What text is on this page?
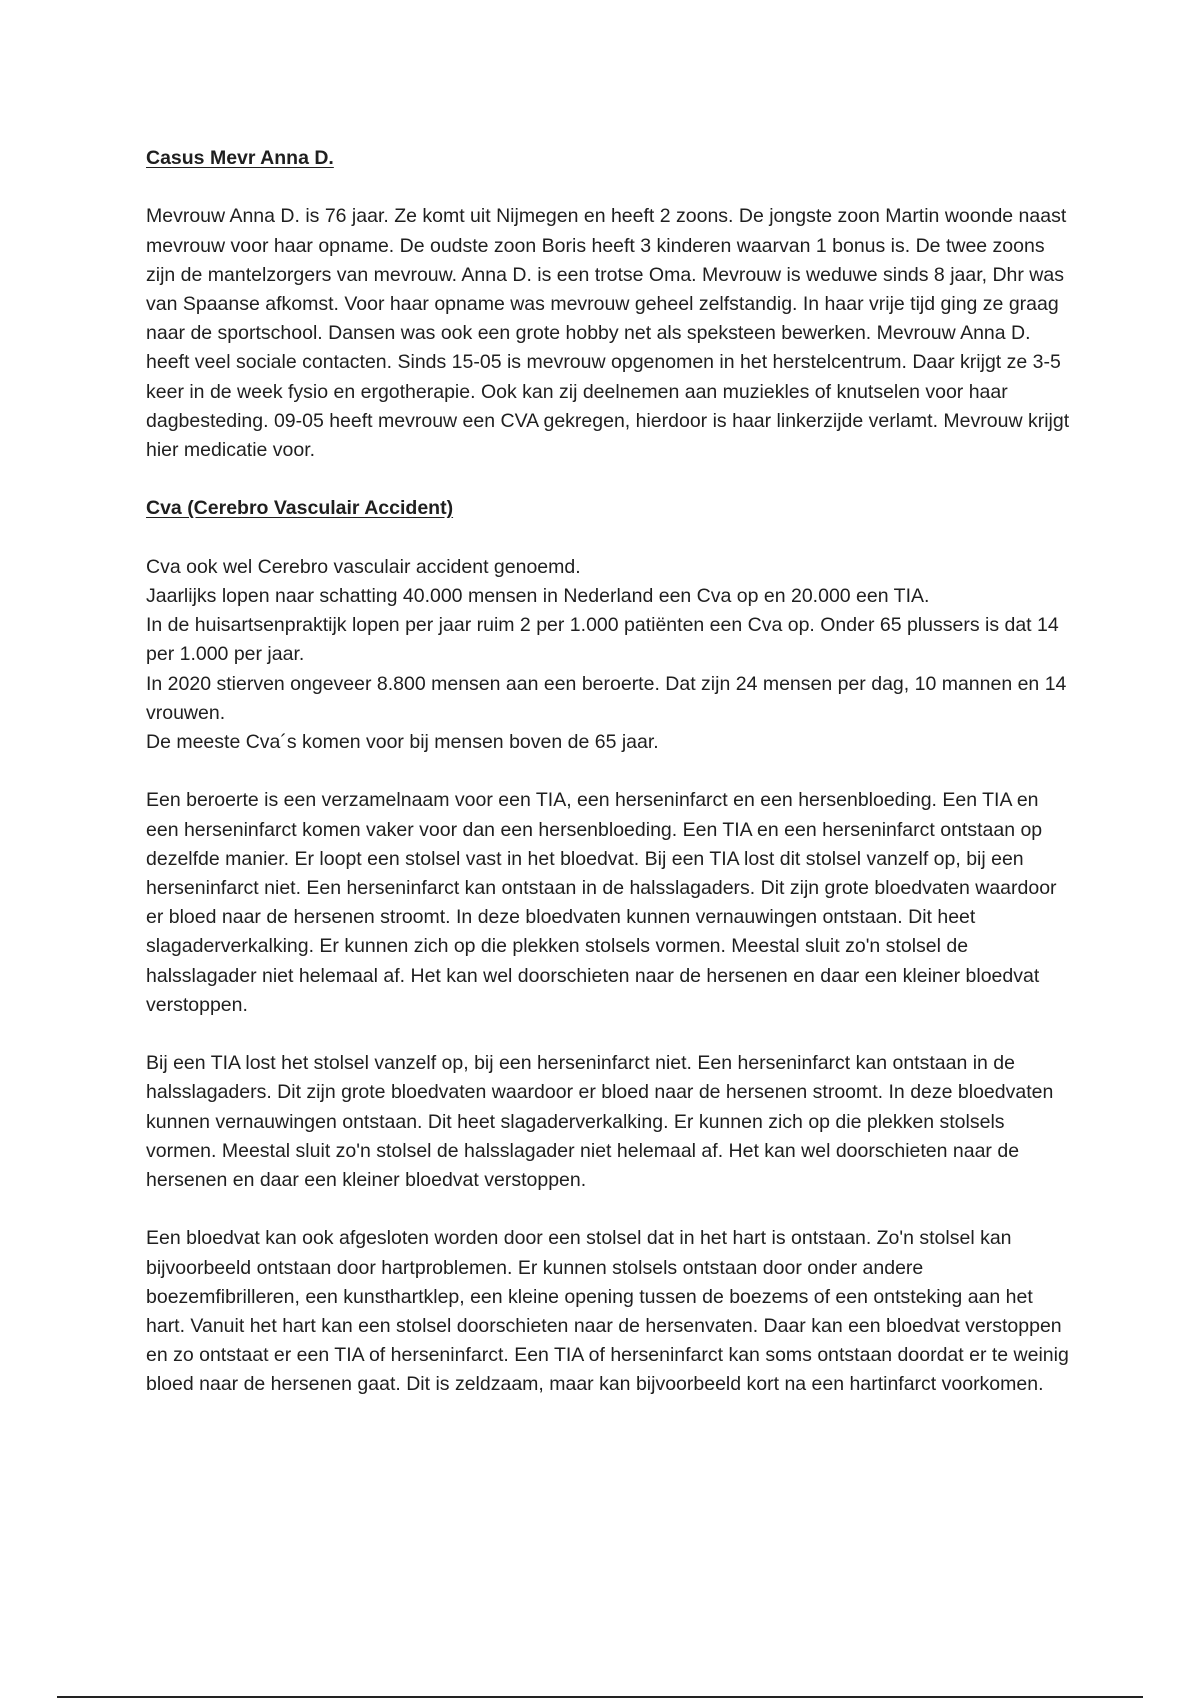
Casus Mevr Anna D.

Mevrouw Anna D. is 76 jaar. Ze komt uit Nijmegen en heeft 2 zoons. De jongste zoon Martin woonde naast mevrouw voor haar opname. De oudste zoon Boris heeft 3 kinderen waarvan 1 bonus is. De twee zoons zijn de mantelzorgers van mevrouw. Anna D. is een trotse Oma. Mevrouw is weduwe sinds 8 jaar, Dhr was van Spaanse afkomst. Voor haar opname was mevrouw geheel zelfstandig. In haar vrije tijd ging ze graag naar de sportschool. Dansen was ook een grote hobby net als speksteen bewerken. Mevrouw Anna D. heeft veel sociale contacten. Sinds 15-05 is mevrouw opgenomen in het herstelcentrum. Daar krijgt ze 3-5 keer in de week fysio en ergotherapie. Ook kan zij deelnemen aan muziekles of knutselen voor haar dagbesteding. 09-05 heeft mevrouw een CVA gekregen, hierdoor is haar linkerzijde verlamt. Mevrouw krijgt hier medicatie voor.

Cva (Cerebro Vasculair Accident)

Cva ook wel Cerebro vasculair accident genoemd.
Jaarlijks lopen naar schatting 40.000 mensen in Nederland een Cva op en 20.000 een TIA.
In de huisartsenpraktijk lopen per jaar ruim 2 per 1.000 patiënten een Cva op. Onder 65 plussers is dat 14 per 1.000 per jaar.
In 2020 stierven ongeveer 8.800 mensen aan een beroerte. Dat zijn 24 mensen per dag, 10 mannen en 14 vrouwen.
De meeste Cva´s komen voor bij mensen boven de 65 jaar.

Een beroerte is een verzamelnaam voor een TIA, een herseninfarct en een hersenbloeding. Een TIA en een herseninfarct komen vaker voor dan een hersenbloeding. Een TIA en een herseninfarct ontstaan op dezelfde manier. Er loopt een stolsel vast in het bloedvat. Bij een TIA lost dit stolsel vanzelf op, bij een herseninfarct niet. Een herseninfarct kan ontstaan in de halsslagaders. Dit zijn grote bloedvaten waardoor er bloed naar de hersenen stroomt. In deze bloedvaten kunnen vernauwingen ontstaan. Dit heet slagaderverkalking. Er kunnen zich op die plekken stolsels vormen. Meestal sluit zo'n stolsel de halsslagader niet helemaal af. Het kan wel doorschieten naar de hersenen en daar een kleiner bloedvat verstoppen.

Bij een TIA lost het stolsel vanzelf op, bij een herseninfarct niet. Een herseninfarct kan ontstaan in de halsslagaders. Dit zijn grote bloedvaten waardoor er bloed naar de hersenen stroomt. In deze bloedvaten kunnen vernauwingen ontstaan. Dit heet slagaderverkalking. Er kunnen zich op die plekken stolsels vormen. Meestal sluit zo'n stolsel de halsslagader niet helemaal af. Het kan wel doorschieten naar de hersenen en daar een kleiner bloedvat verstoppen.

Een bloedvat kan ook afgesloten worden door een stolsel dat in het hart is ontstaan. Zo'n stolsel kan bijvoorbeeld ontstaan door hartproblemen. Er kunnen stolsels ontstaan door onder andere boezemfibrilleren, een kunsthartklep, een kleine opening tussen de boezems of een ontsteking aan het hart. Vanuit het hart kan een stolsel doorschieten naar de hersenvaten. Daar kan een bloedvat verstoppen en zo ontstaat er een TIA of herseninfarct. Een TIA of herseninfarct kan soms ontstaan doordat er te weinig bloed naar de hersenen gaat. Dit is zeldzaam, maar kan bijvoorbeeld kort na een hartinfarct voorkomen.
